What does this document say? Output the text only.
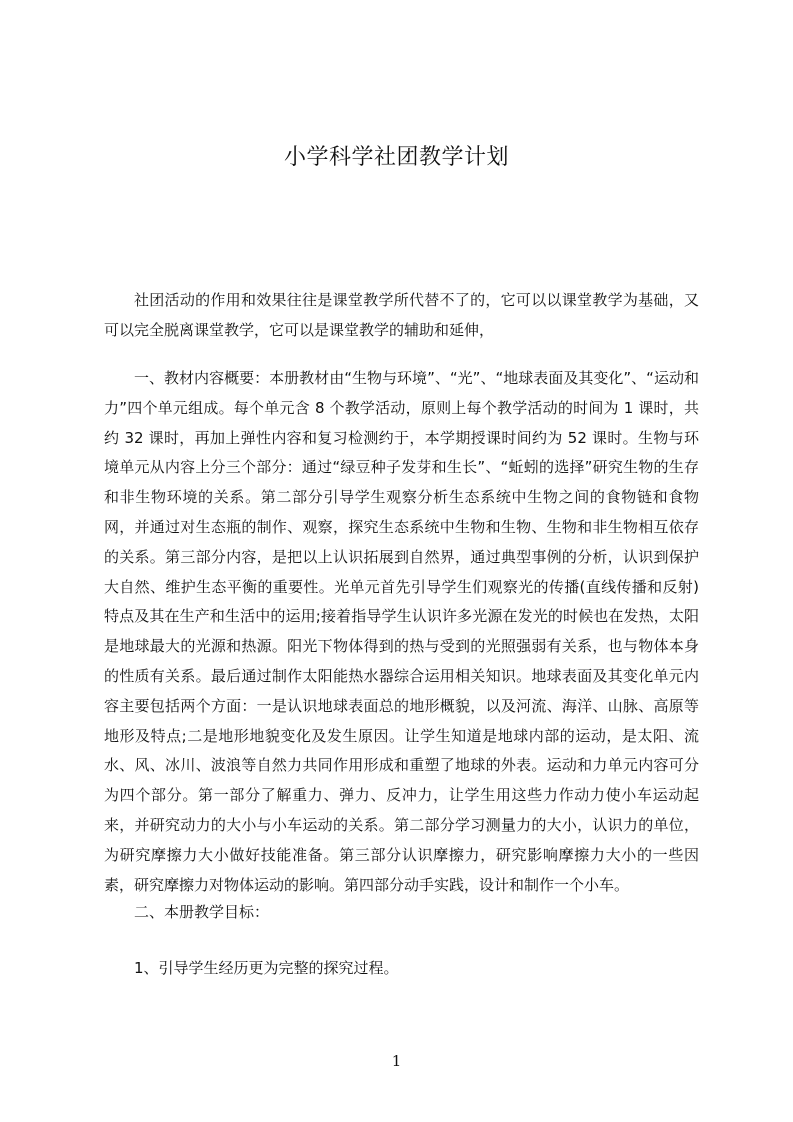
小学科学社团教学计划

社团活动的作用和效果往往是课堂教学所代替不了的，它可以以课堂教学为基础，又可以完全脱离课堂教学，它可以是课堂教学的辅助和延伸，

一、教材内容概要：本册教材由“生物与环境”、“光”、“地球表面及其变化”、“运动和力”四个单元组成。每个单元含 8 个教学活动，原则上每个教学活动的时间为 1 课时，共约 32 课时，再加上弹性内容和复习检测约于，本学期授课时间约为 52 课时。生物与环境单元从内容上分三个部分：通过“绿豆种子发芽和生长”、“蚯蚓的选择”研究生物的生存和非生物环境的关系。第二部分引导学生观察分析生态系统中生物之间的食物链和食物网，并通过对生态瓶的制作、观察，探究生态系统中生物和生物、生物和非生物相互依存的关系。第三部分内容，是把以上认识拓展到自然界，通过典型事例的分析，认识到保护大自然、维护生态平衡的重要性。光单元首先引导学生们观察光的传播(直线传播和反射)特点及其在生产和生活中的运用;接着指导学生认识许多光源在发光的时候也在发热，太阳是地球最大的光源和热源。阳光下物体得到的热与受到的光照强弱有关系，也与物体本身的性质有关系。最后通过制作太阳能热水器综合运用相关知识。地球表面及其变化单元内容主要包括两个方面：一是认识地球表面总的地形概貌，以及河流、海洋、山脉、高原等地形及特点;二是地形地貌变化及发生原因。让学生知道是地球内部的运动，是太阳、流水、风、冰川、波浪等自然力共同作用形成和重塑了地球的外表。运动和力单元内容可分为四个部分。第一部分了解重力、弹力、反冲力，让学生用这些力作动力使小车运动起来，并研究动力的大小与小车运动的关系。第二部分学习测量力的大小，认识力的单位，为研究摩擦力大小做好技能准备。第三部分认识摩擦力，研究影响摩擦力大小的一些因素，研究摩擦力对物体运动的影响。第四部分动手实践，设计和制作一个小车。

二、本册教学目标：
1、引导学生经历更为完整的探究过程。
1
